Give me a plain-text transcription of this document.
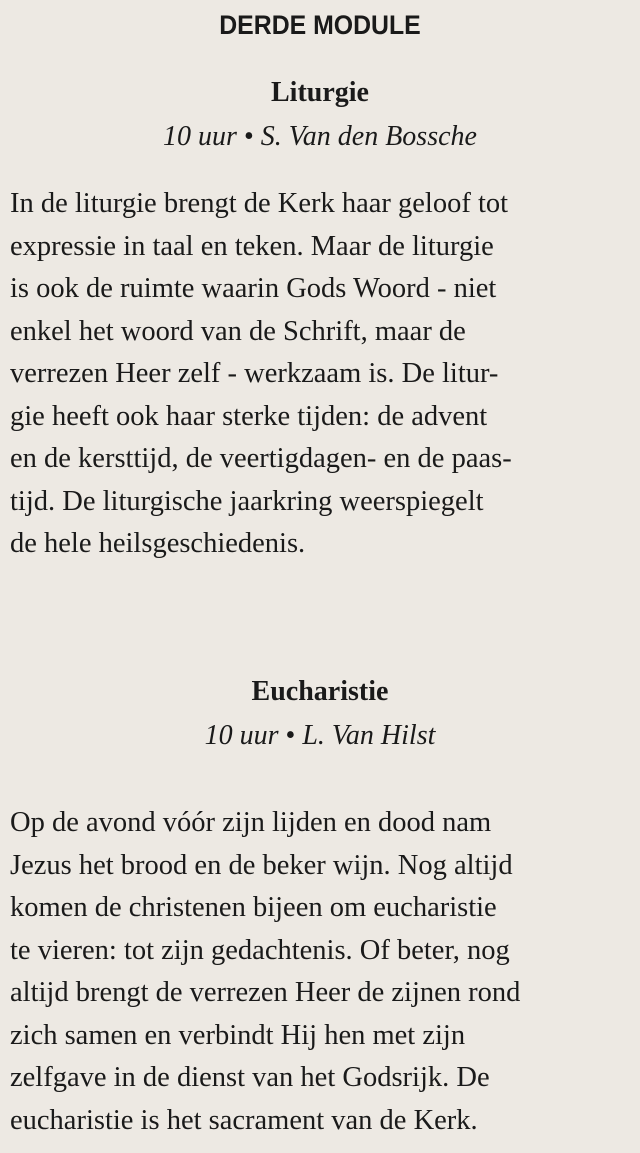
DERDE MODULE
Liturgie
10 uur • S. Van den Bossche
In de liturgie brengt de Kerk haar geloof tot
expressie in taal en teken. Maar de liturgie
is ook de ruimte waarin Gods Woord - niet
enkel het woord van de Schrift, maar de
verrezen Heer zelf - werkzaam is. De litur-
gie heeft ook haar sterke tijden: de advent
en de kersttijd, de veertigdagen- en de paas-
tijd. De liturgische jaarkring weerspiegelt
de hele heilsgeschiedenis.
Eucharistie
10 uur • L. Van Hilst
Op de avond vóór zijn lijden en dood nam
Jezus het brood en de beker wijn. Nog altijd
komen de christenen bijeen om eucharistie
te vieren: tot zijn gedachtenis. Of beter, nog
altijd brengt de verrezen Heer de zijnen rond
zich samen en verbindt Hij hen met zijn
zelfgave in de dienst van het Godsrijk. De
eucharistie is het sacrament van de Kerk.
